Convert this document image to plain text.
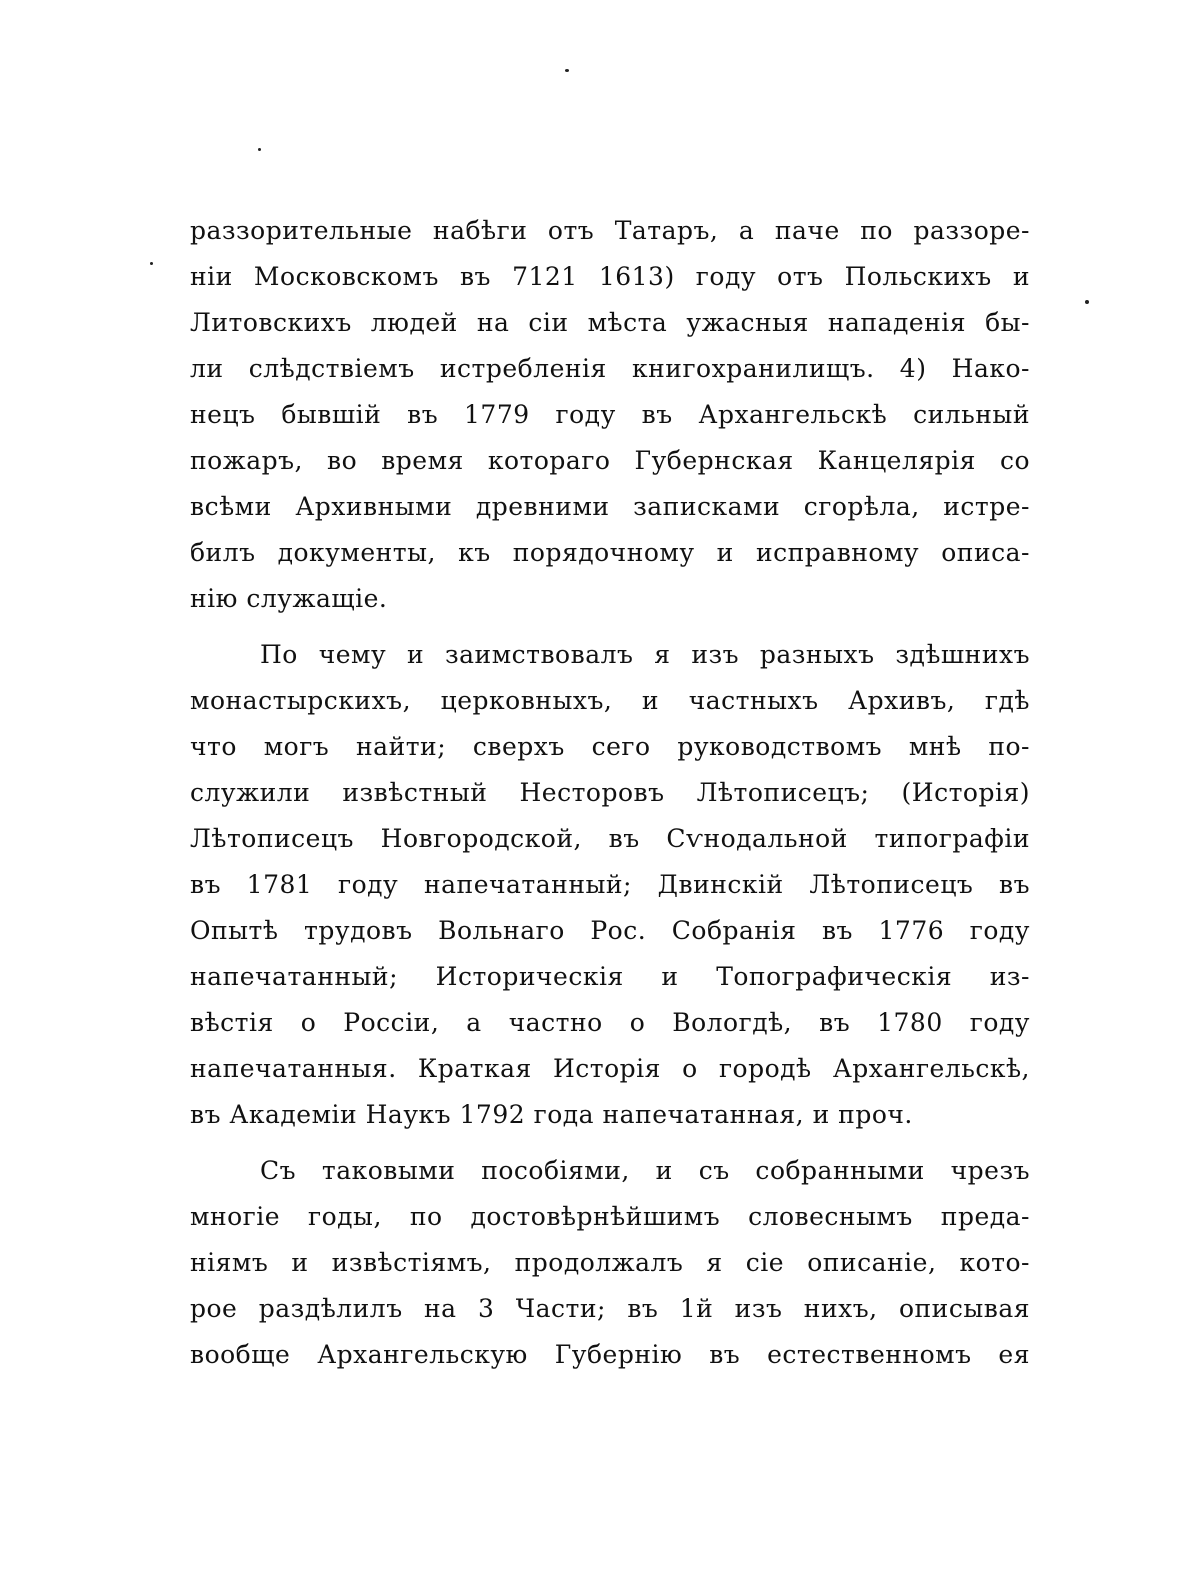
раззорительные набѣги отъ Татаръ, а паче по раззоре-
ніи Московскомъ въ 7121 1613) году отъ Польскихъ и
Литовскихъ людей на сіи мѣста ужасныя нападенія бы-
ли слѣдствіемъ истребленія книгохранилищъ. 4) Нако-
нецъ бывшій въ 1779 году въ Архангельскѣ сильный
пожаръ, во время котораго Губернская Канцелярія со
всѣми Архивными древними записками сгорѣла, истре-
билъ документы, къ порядочному и исправному описа-
нію служащіе.
По чему и заимствовалъ я изъ разныхъ здѣшнихъ
монастырскихъ, церковныхъ, и частныхъ Архивъ, гдѣ
что могъ найти; сверхъ сего руководствомъ мнѣ по-
служили извѣстный Несторовъ Лѣтописецъ; (Исторія)
Лѣтописецъ Новгородской, въ Сѵнодальной типографіи
въ 1781 году напечатанный; Двинскій Лѣтописецъ въ
Опытѣ трудовъ Вольнаго Рос. Собранія въ 1776 году
напечатанный; Историческія и Топографическія из-
вѣстія о Россіи, а частно о Вологдѣ, въ 1780 году
напечатанныя. Краткая Исторія о городѣ Архангельскѣ,
въ Академіи Наукъ 1792 года напечатанная, и проч.
Съ таковыми пособіями, и съ собранными чрезъ
многіе годы, по достовѣрнѣйшимъ словеснымъ преда-
ніямъ и извѣстіямъ, продолжалъ я сіе описаніе, кото-
рое раздѣлилъ на 3 Части; въ 1й изъ нихъ, описывая
вообще Архангельскую Губернію въ естественномъ ея
